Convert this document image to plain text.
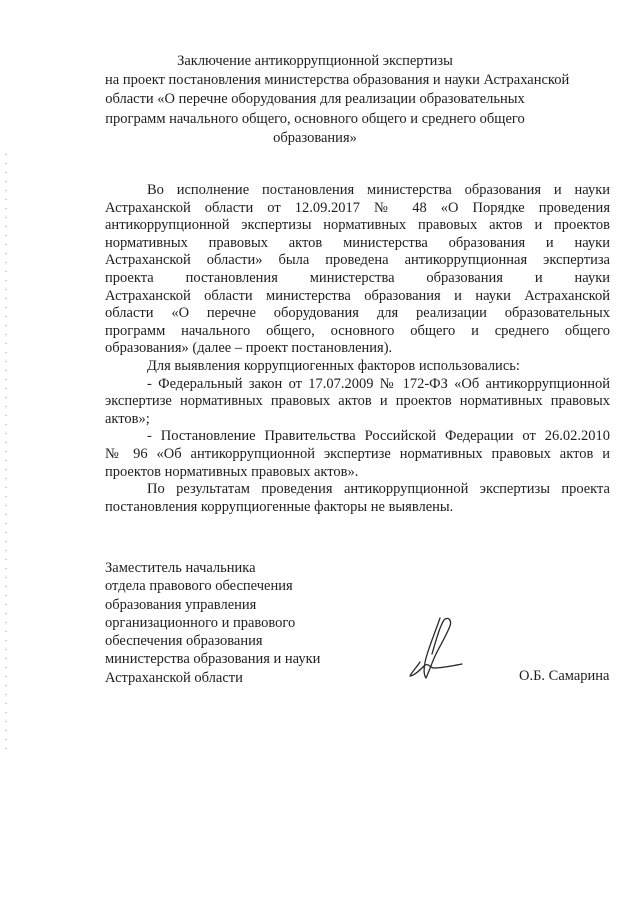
Заключение антикоррупционной экспертизы
на проект постановления министерства образования и науки Астраханской
области «О перечне оборудования для реализации образовательных
программ начального общего, основного общего и среднего общего
образования»

Во исполнение постановления министерства образования и науки
Астраханской области от 12.09.2017 № 48 «О Порядке проведения
антикоррупционной экспертизы нормативных правовых актов и проектов
нормативных правовых актов министерства образования и науки
Астраханской области» была проведена антикоррупционная экспертиза
проекта постановления министерства образования и науки
Астраханской области министерства образования и науки Астраханской
области «О перечне оборудования для реализации образовательных
программ начального общего, основного общего и среднего общего
образования» (далее – проект постановления).

Для выявления коррупциогенных факторов использовались:

- Федеральный закон от 17.07.2009 № 172-ФЗ «Об антикоррупционной
экспертизе нормативных правовых актов и проектов нормативных правовых
актов»;

- Постановление Правительства Российской Федерации от 26.02.2010
№ 96 «Об антикоррупционной экспертизе нормативных правовых актов и
проектов нормативных правовых актов».

По результатам проведения антикоррупционной экспертизы проекта
постановления коррупциогенные факторы не выявлены.

Заместитель начальника
отдела правового обеспечения
образования управления
организационного и правового
обеспечения образования
министерства образования и науки
Астраханской области	О.Б. Самарина
